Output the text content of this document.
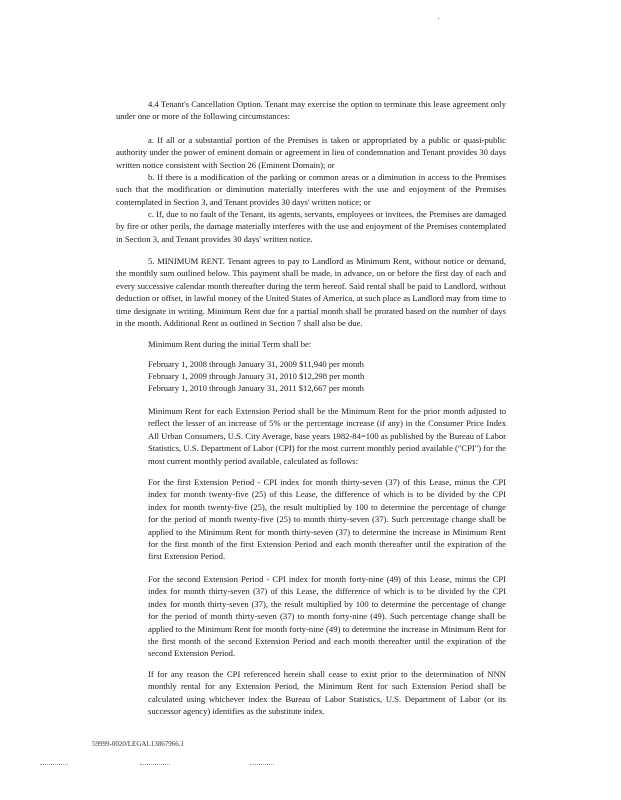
4.4 Tenant's Cancellation Option. Tenant may exercise the option to terminate this lease agreement only under one or more of the following circumstances:

a. If all or a substantial portion of the Premises is taken or appropriated by a public or quasi-public authority under the power of eminent domain or agreement in lieu of condemnation and Tenant provides 30 days written notice consistent with Section 26 (Eminent Domain); or

b. If there is a modification of the parking or common areas or a diminution in access to the Premises such that the modification or diminution materially interferes with the use and enjoyment of the Premises contemplated in Section 3, and Tenant provides 30 days' written notice; or

c. If, due to no fault of the Tenant, its agents, servants, employees or invitees, the Premises are damaged by fire or other perils, the damage materially interferes with the use and enjoyment of the Premises contemplated in Section 3, and Tenant provides 30 days' written notice.

5. MINIMUM RENT. Tenant agrees to pay to Landlord as Minimum Rent, without notice or demand, the monthly sum outlined below. This payment shall be made, in advance, on or before the first day of each and every successive calendar month thereafter during the term hereof. Said rental shall be paid to Landlord, without deduction or offset, in lawful money of the United States of America, at such place as Landlord may from time to time designate in writing. Minimum Rent due for a partial month shall be prorated based on the number of days in the month. Additional Rent as outlined in Section 7 shall also be due.

Minimum Rent during the initial Term shall be:

February 1, 2008 through January 31, 2009 $11,940 per month

February 1, 2009 through January 31, 2010 $12,298 per month

February 1, 2010 through January 31, 2011 $12,667 per month

Minimum Rent for each Extension Period shall be the Minimum Rent for the prior month adjusted to reflect the lesser of an increase of 5% or the percentage increase (if any) in the Consumer Price Index All Urban Consumers, U.S. City Average, base years 1982-84=100 as published by the Bureau of Labor Statistics, U.S. Department of Labor (CPI) for the most current monthly period available ("CPI") for the most current monthly period available, calculated as follows:

For the first Extension Period - CPI index for month thirty-seven (37) of this Lease, minus the CPI index for month twenty-five (25) of this Lease, the difference of which is to be divided by the CPI index for month twenty-five (25), the result multiplied by 100 to determine the percentage of change for the period of month twenty-five (25) to month thirty-seven (37). Such percentage change shall be applied to the Minimum Rent for month thirty-seven (37) to determine the increase in Minimum Rent for the first month of the first Extension Period and each month thereafter until the expiration of the first Extension Period.

For the second Extension Period - CPI index for month forty-nine (49) of this Lease, minus the CPI index for month thirty-seven (37) of this Lease, the difference of which is to be divided by the CPI index for month thirty-seven (37), the result multiplied by 100 to determine the percentage of change for the period of month thirty-seven (37) to month forty-nine (49). Such percentage change shall be applied to the Minimum Rent for month forty-nine (49) to determine the increase in Minimum Rent for the first month of the second Extension Period and each month thereafter until the expiration of the second Extension Period.

If for any reason the CPI referenced herein shall cease to exist prior to the determination of NNN monthly rental for any Extension Period, the Minimum Rent for such Extension Period shall be calculated using whichever index the Bureau of Labor Statistics, U.S. Department of Labor (or its successor agency) identifies as the substitute index.

59999-0020/LEGAL13867966.1
